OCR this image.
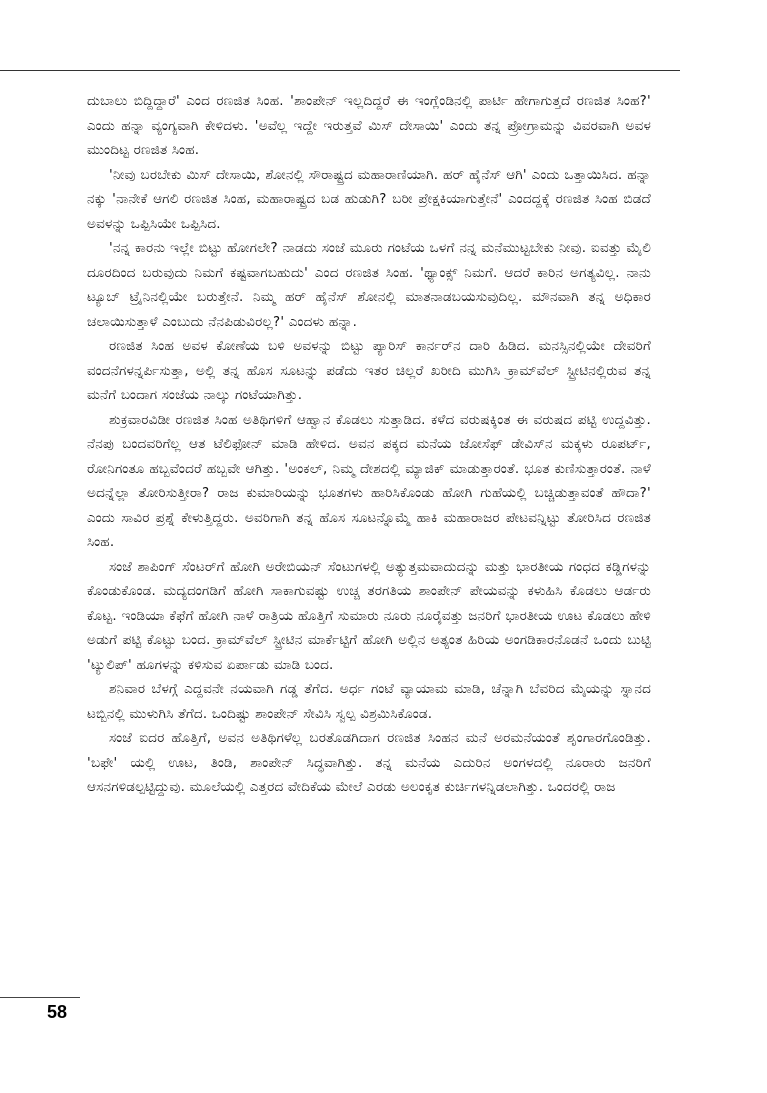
ದುಬಾಲು ಬಿದ್ದಿದ್ದಾರೆ' ಎಂದ ರಣಜಿತ ಸಿಂಹ. 'ಶಾಂಪೇನ್ ಇಲ್ಲದಿದ್ದರೆ ಈ ಇಂಗ್ಲೆಂಡಿನಲ್ಲಿ ಪಾರ್ಟಿ ಹೇಗಾಗುತ್ತದೆ ರಣಜಿತ ಸಿಂಹ?' ಎಂದು ಹನ್ನಾ ವ್ಯಂಗ್ಯವಾಗಿ ಕೇಳಿದಳು. 'ಅವೆಲ್ಲ ಇದ್ದೇ ಇರುತ್ತವೆ ಮಿಸ್ ದೇಸಾಯಿ' ಎಂದು ತನ್ನ ಪ್ರೋಗ್ರಾಮನ್ನು ವಿವರವಾಗಿ ಅವಳ ಮುಂದಿಟ್ಟ ರಣಜಿತ ಸಿಂಹ.

'ನೀವು ಬರಬೇಕು ಮಿಸ್ ದೇಸಾಯಿ, ಶೋನಲ್ಲಿ ಸೌರಾಷ್ಟ್ರದ ಮಹಾರಾಣಿಯಾಗಿ. ಹರ್ ಹೈನೆಸ್ ಆಗಿ' ಎಂದು ಒತ್ತಾಯಿಸಿದ. ಹನ್ನಾ ನಕ್ಕು 'ನಾನೇಕೆ ಆಗಲಿ ರಣಜಿತ ಸಿಂಹ, ಮಹಾರಾಷ್ಟ್ರದ ಬಡ ಹುಡುಗಿ? ಬರೀ ಪ್ರೇಕ್ಷಕಿಯಾಗುತ್ತೇನೆ' ಎಂದದ್ದಕ್ಕೆ ರಣಜಿತ ಸಿಂಹ ಬಿಡದೆ ಅವಳನ್ನು ಒಪ್ಪಿಸಿಯೇ ಒಪ್ಪಿಸಿದ.

'ನನ್ನ ಕಾರನು ಇಲ್ಲೇ ಬಿಟ್ಟು ಹೋಗಲೇ? ನಾಡದು ಸಂಜೆ ಮೂರು ಗಂಟೆಯ ಒಳಗೆ ನನ್ನ ಮನೆಮುಟ್ಟಬೇಕು ನೀವು. ಐವತ್ತು ಮೈಲಿ ದೂರದಿಂದ ಬರುವುದು ನಿಮಗೆ ಕಷ್ಟವಾಗಬಹುದು' ಎಂದ ರಣಜಿತ ಸಿಂಹ. 'ಥ್ಯಾಂಕ್ಸ್ ನಿಮಗೆ. ಆದರೆ ಕಾರಿನ ಅಗತ್ಯವಿಲ್ಲ. ನಾನು ಟ್ಯೂಬ್ ಟ್ರೈನಿನಲ್ಲಿಯೇ ಬರುತ್ತೇನೆ. ನಿಮ್ಮ ಹರ್ ಹೈನೆಸ್ ಶೋನಲ್ಲಿ ಮಾತನಾಡಬಯಸುವುದಿಲ್ಲ. ಮೌನವಾಗಿ ತನ್ನ ಅಧಿಕಾರ ಚಲಾಯಿಸುತ್ತಾಳೆ ಎಂಬುದು ನೆನಪಿಡುವಿರಲ್ಲ?' ಎಂದಳು ಹನ್ನಾ.

ರಣಜಿತ ಸಿಂಹ ಅವಳ ಕೋಣೆಯ ಬಳಿ ಅವಳನ್ನು ಬಿಟ್ಟು ಪ್ಯಾರಿಸ್ ಕಾರ್ನರ್‌ನ ದಾರಿ ಹಿಡಿದ. ಮನಸ್ಸಿನಲ್ಲಿಯೇ ದೇವರಿಗೆ ವಂದನೆಗಳನ್ನರ್ಪಿಸುತ್ತಾ, ಅಲ್ಲಿ ತನ್ನ ಹೊಸ ಸೂಟನ್ನು ಪಡೆದು ಇತರ ಚಿಲ್ಲರೆ ಖರೀದಿ ಮುಗಿಸಿ ಕ್ರಾಮ್‌ವೆಲ್ ಸ್ಟ್ರೀಟಿನಲ್ಲಿರುವ ತನ್ನ ಮನೆಗೆ ಬಂದಾಗ ಸಂಜೆಯ ನಾಲ್ಕು ಗಂಟೆಯಾಗಿತ್ತು.

ಶುಕ್ರವಾರವಿಡೀ ರಣಜಿತ ಸಿಂಹ ಅತಿಥಿಗಳಿಗೆ ಆಹ್ವಾನ ಕೊಡಲು ಸುತ್ತಾಡಿದ. ಕಳೆದ ವರುಷಕ್ಕಿಂತ ಈ ವರುಷದ ಪಟ್ಟಿ ಉದ್ದವಿತ್ತು. ನೆನಪು ಬಂದವರಿಗೆಲ್ಲ ಆತ ಟೆಲಿಫೋನ್ ಮಾಡಿ ಹೇಳಿದ. ಅವನ ಪಕ್ಕದ ಮನೆಯ ಜೋಸೆಫ್ ಡೇವಿಸ್‌ನ ಮಕ್ಕಳು ರೂಪರ್ಟ್, ರೋನಿಗಂತೂ ಹಬ್ಬವೆಂದರೆ ಹಬ್ಬವೇ ಆಗಿತ್ತು. 'ಅಂಕಲ್, ನಿಮ್ಮ ದೇಶದಲ್ಲಿ ಮ್ಯಾಜಿಕ್ ಮಾಡುತ್ತಾರಂತೆ. ಭೂತ ಕುಣಿಸುತ್ತಾರಂತೆ. ನಾಳೆ ಅದನ್ನೆಲ್ಲಾ ತೋರಿಸುತ್ತೀರಾ? ರಾಜ ಕುಮಾರಿಯನ್ನು ಭೂತಗಳು ಹಾರಿಸಿಕೊಂಡು ಹೋಗಿ ಗುಹೆಯಲ್ಲಿ ಬಚ್ಚಿಡುತ್ತಾವಂತೆ ಹೌದಾ?' ಎಂದು ಸಾವಿರ ಪ್ರಶ್ನೆ ಕೇಳುತ್ತಿದ್ದರು. ಅವರಿಗಾಗಿ ತನ್ನ ಹೊಸ ಸೂಟನ್ನೊಮ್ಮೆ ಹಾಕಿ ಮಹಾರಾಜರ ಪೇಟವನ್ನಿಟ್ಟು ತೋರಿಸಿದ ರಣಜಿತ ಸಿಂಹ.

ಸಂಜೆ ಶಾಪಿಂಗ್ ಸೆಂಟರ್‌ಗೆ ಹೋಗಿ ಅರೇಬಿಯನ್ ಸೆಂಟುಗಳಲ್ಲಿ ಅತ್ಯುತ್ತಮವಾದುದನ್ನು ಮತ್ತು ಭಾರತೀಯ ಗಂಧದ ಕಡ್ಡಿಗಳನ್ನು ಕೊಂಡುಕೊಂಡ. ಮದ್ಯದಂಗಡಿಗೆ ಹೋಗಿ ಸಾಕಾಗುವಷ್ಟು ಉಚ್ಚ ತರಗತಿಯ ಶಾಂಪೇನ್ ಪೇಯವನ್ನು ಕಳುಹಿಸಿ ಕೊಡಲು ಆರ್ಡರು ಕೊಟ್ಟ. ಇಂಡಿಯಾ ಕೆಫೆಗೆ ಹೋಗಿ ನಾಳೆ ರಾತ್ರಿಯ ಹೊತ್ತಿಗೆ ಸುಮಾರು ನೂರು ನೂರೈವತ್ತು ಜನರಿಗೆ ಭಾರತೀಯ ಊಟ ಕೊಡಲು ಹೇಳಿ ಅಡುಗೆ ಪಟ್ಟಿ ಕೊಟ್ಟು ಬಂದ. ಕ್ರಾಮ್‌ವೆಲ್ ಸ್ಟ್ರೀಟಿನ ಮಾರ್ಕೆಟ್ಟಿಗೆ ಹೋಗಿ ಅಲ್ಲಿನ ಅತ್ಯಂತ ಹಿರಿಯ ಅಂಗಡಿಕಾರನೊಡನೆ ಒಂದು ಬುಟ್ಟಿ 'ಟ್ಯುಲಿಪ್' ಹೂಗಳನ್ನು ಕಳಿಸುವ ಏರ್ಪಾಡು ಮಾಡಿ ಬಂದ.

ಶನಿವಾರ ಬೆಳಗ್ಗೆ ಎದ್ದವನೇ ನಯವಾಗಿ ಗಡ್ಡ ತೆಗೆದ. ಅರ್ಧ ಗಂಟೆ ವ್ಯಾಯಾಮ ಮಾಡಿ, ಚೆನ್ನಾಗಿ ಬೆವರಿದ ಮೈಯನ್ನು ಸ್ನಾನದ ಟಬ್ಬಿನಲ್ಲಿ ಮುಳುಗಿಸಿ ತೆಗೆದ. ಒಂದಿಷ್ಟು ಶಾಂಪೇನ್ ಸೇವಿಸಿ ಸ್ವಲ್ಪ ವಿಶ್ರಮಿಸಿಕೊಂಡ.

ಸಂಜೆ ಐದರ ಹೊತ್ತಿಗೆ, ಅವನ ಅತಿಥಿಗಳೆಲ್ಲ ಬರತೊಡಗಿದಾಗ ರಣಜಿತ ಸಿಂಹನ ಮನೆ ಅರಮನೆಯಂತೆ ಶೃಂಗಾರಗೊಂಡಿತ್ತು. 'ಬಫೇ' ಯಲ್ಲಿ ಊಟ, ತಿಂಡಿ, ಶಾಂಪೇನ್ ಸಿದ್ಧವಾಗಿತ್ತು. ತನ್ನ ಮನೆಯ ಎದುರಿನ ಅಂಗಳದಲ್ಲಿ ನೂರಾರು ಜನರಿಗೆ ಆಸನಗಳಿಡಲ್ಪಟ್ಟಿದ್ದುವು. ಮೂಲೆಯಲ್ಲಿ ಎತ್ತರದ ವೇದಿಕೆಯ ಮೇಲೆ ಎರಡು ಅಲಂಕೃತ ಕುರ್ಚಿಗಳನ್ನಿಡಲಾಗಿತ್ತು. ಒಂದರಲ್ಲಿ ರಾಜ

58
